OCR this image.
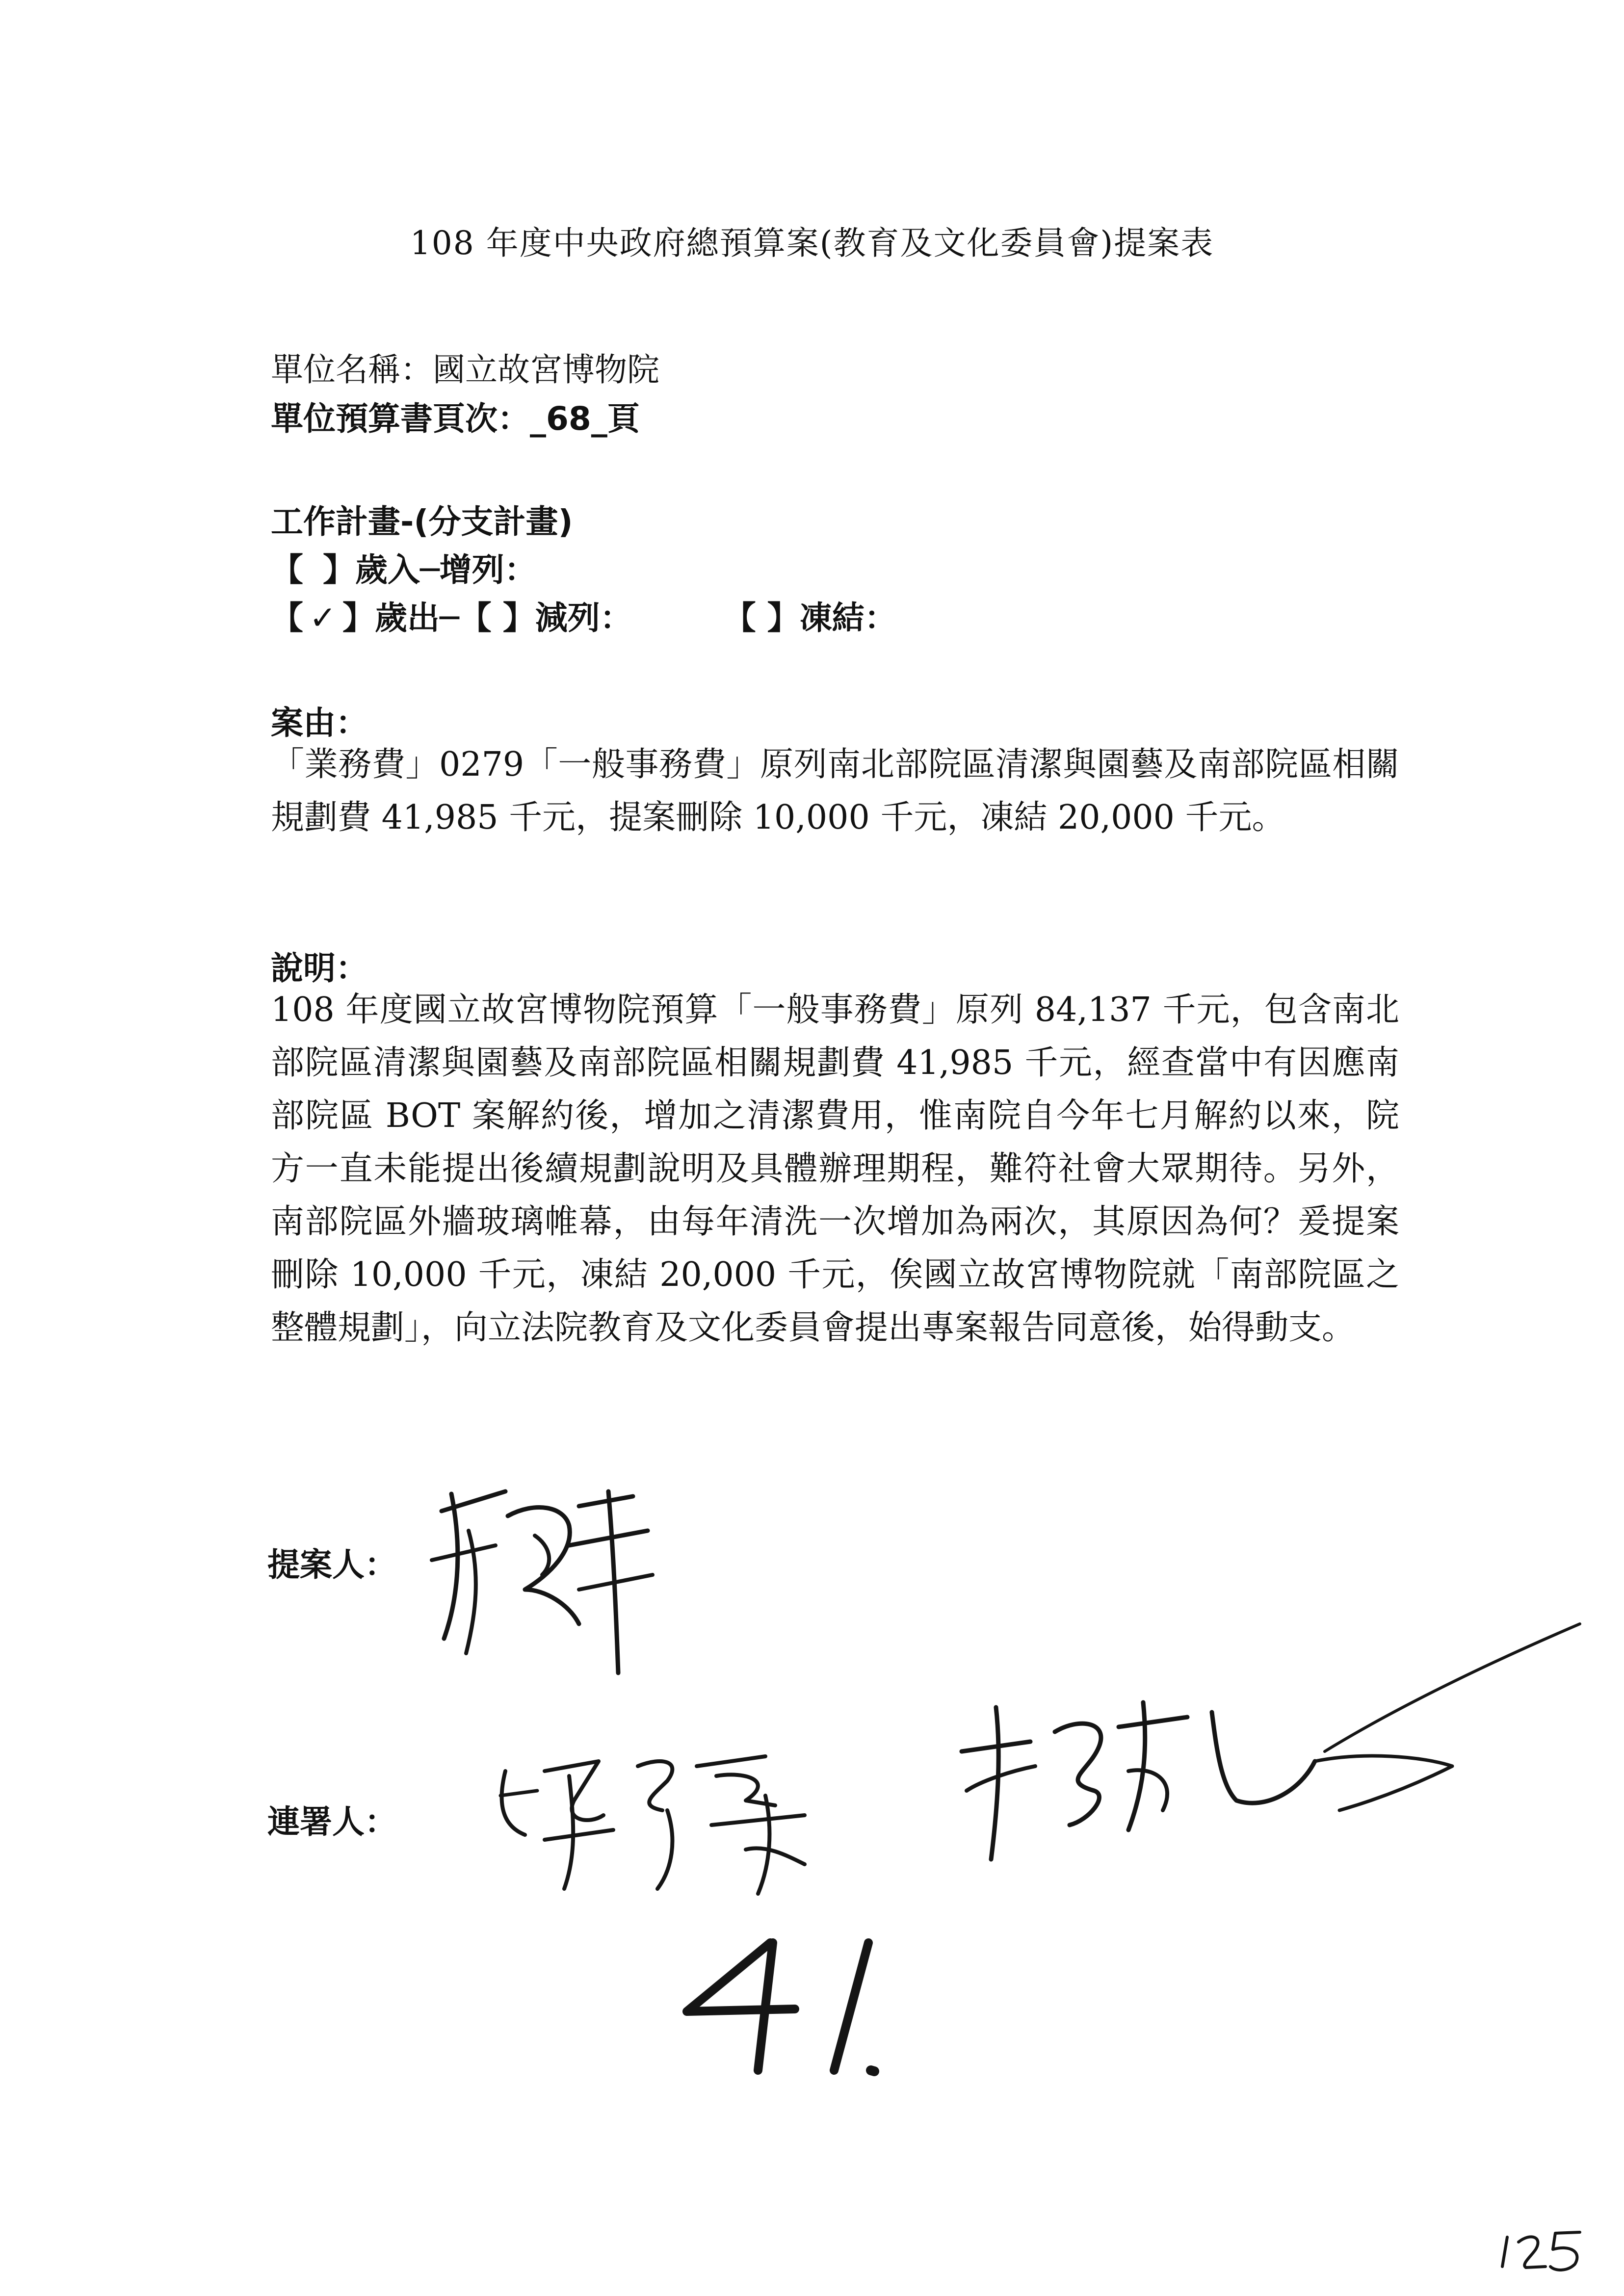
108 年度中央政府總預算案(教育及文化委員會)提案表
單位名稱：國立故宮博物院
單位預算書頁次：_68_頁
工作計畫-(分支計畫)
【 】歲入─增列：
【 ✓ 】歲出─【 】減列：	【 】凍結：
案由：
「業務費」0279「一般事務費」原列南北部院區清潔與園藝及南部院區相關規劃費 41,985 千元，提案刪除 10,000 千元，凍結 20,000 千元。
說明：
108 年度國立故宮博物院預算「一般事務費」原列 84,137 千元，包含南北部院區清潔與園藝及南部院區相關規劃費 41,985 千元，經查當中有因應南部院區 BOT 案解約後，增加之清潔費用，惟南院自今年七月解約以來，院方一直未能提出後續規劃說明及具體辦理期程，難符社會大眾期待。另外，南部院區外牆玻璃帷幕，由每年清洗一次增加為兩次，其原因為何？爰提案刪除 10,000 千元，凍結 20,000 千元，俟國立故宮博物院就「南部院區之整體規劃」，向立法院教育及文化委員會提出專案報告同意後，始得動支。
提案人：
連署人：
